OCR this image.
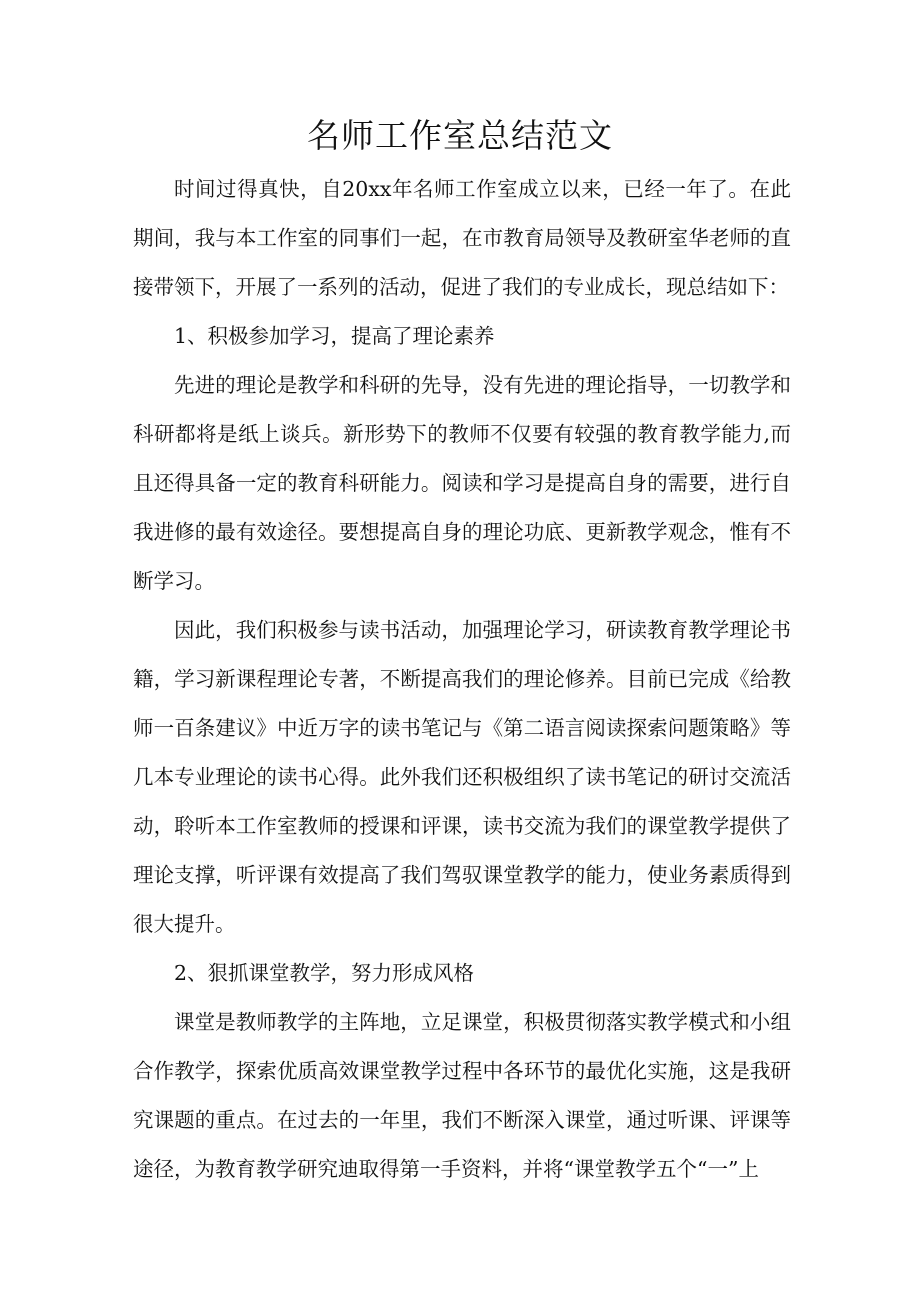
名师工作室总结范文

时间过得真快，自20xx年名师工作室成立以来，已经一年了。在此期间，我与本工作室的同事们一起，在市教育局领导及教研室华老师的直接带领下，开展了一系列的活动，促进了我们的专业成长，现总结如下：

1、积极参加学习，提高了理论素养

先进的理论是教学和科研的先导，没有先进的理论指导，一切教学和科研都将是纸上谈兵。新形势下的教师不仅要有较强的教育教学能力,而且还得具备一定的教育科研能力。阅读和学习是提高自身的需要，进行自我进修的最有效途径。要想提高自身的理论功底、更新教学观念，惟有不断学习。

因此，我们积极参与读书活动，加强理论学习，研读教育教学理论书籍，学习新课程理论专著，不断提高我们的理论修养。目前已完成《给教师一百条建议》中近万字的读书笔记与《第二语言阅读探索问题策略》等几本专业理论的读书心得。此外我们还积极组织了读书笔记的研讨交流活动，聆听本工作室教师的授课和评课，读书交流为我们的课堂教学提供了理论支撑，听评课有效提高了我们驾驭课堂教学的能力，使业务素质得到很大提升。

2、狠抓课堂教学，努力形成风格

课堂是教师教学的主阵地，立足课堂，积极贯彻落实教学模式和小组合作教学，探索优质高效课堂教学过程中各环节的最优化实施，这是我研究课题的重点。在过去的一年里，我们不断深入课堂，通过听课、评课等途径，为教育教学研究迪取得第一手资料，并将“课堂教学五个“一”上
